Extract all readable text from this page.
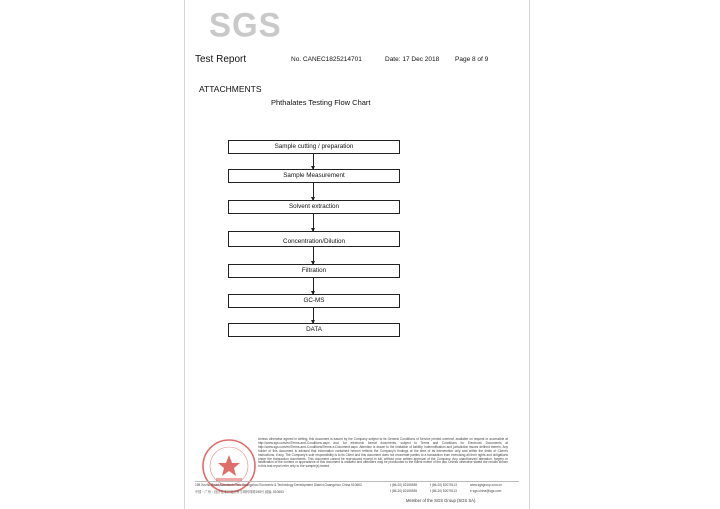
SGS
Test Report	No. CANEC1825214701	Date: 17 Dec 2018 Page 8 of 9
ATTACHMENTS
Phthalates Testing Flow Chart
Sample cutting / preparation
Sample Measurement
Solvent extraction
Concentration/Dilution
Filtration
GC-MS
DATA
Unless otherwise agreed in writing, this document is issued by the Company subject to its General Conditions of Service printed overleaf, available on request or accessible at http://www.sgs.com/en/Terms-and-Conditions.aspx and, for electronic format documents, subject to Terms and Conditions for Electronic Documents at http://www.sgs.com/en/Terms-and-Conditions/Terms-e-Document.aspx. Attention is drawn to the limitation of liability, indemnification and jurisdiction issues defined therein. Any holder of this document is advised that information contained hereon reflects the Company's findings at the time of its intervention only and within the limits of Client's instructions, if any. The Company's sole responsibility is to its Client and this document does not exonerate parties to a transaction from exercising all their rights and obligations under the transaction documents. This document cannot be reproduced except in full, without prior written approval of the Company. Any unauthorized alteration, forgery or falsification of the content or appearance of this document is unlawful and offenders may be prosecuted to the fullest extent of the law. Unless otherwise stated the results shown in this test report refer only to the sample(s) tested.
198 Kezhu Road,Scientech Park Guangzhou Economic & Technology Development District,Guangzhou,China 510663	t (86-20) 82155555	f (86-20) 82075113	www.sgsgroup.com.cn
中国・广州・经济技术开发区科学城科珠路198号 邮编: 510663	t (86-20) 82155555	f (86-20) 82075113	e sgs.china@sgs.com
Member of the SGS Group (SGS SA)
